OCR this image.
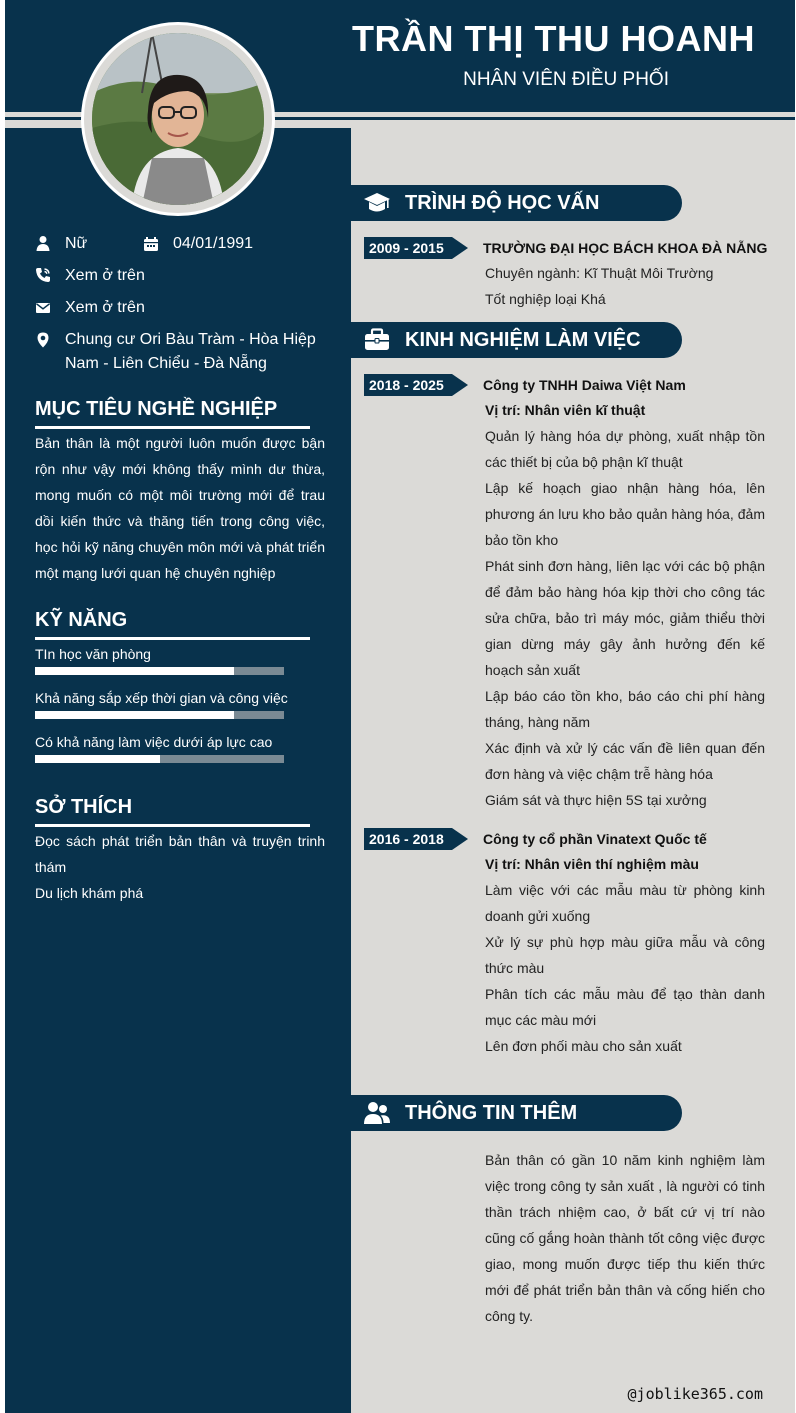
TRẦN THỊ THU HOANH
NHÂN VIÊN ĐIỀU PHỐI
Nữ	04/01/1991
Xem ở trên
Xem ở trên
Chung cư Ori Bàu Tràm - Hòa Hiệp
Nam - Liên Chiểu - Đà Nẵng
MỤC TIÊU NGHỀ NGHIỆP
Bản thân là một người luôn muốn được bận rộn như vậy mới không thấy mình dư thừa, mong muốn có một môi trường mới để trau dồi kiến thức và thăng tiến trong công việc, học hỏi kỹ năng chuyên môn mới và phát triển một mạng lưới quan hệ chuyên nghiệp
KỸ NĂNG
TIn học văn phòng
Khả năng sắp xếp thời gian và công việc
Có khả năng làm việc dưới áp lực cao
SỞ THÍCH
Đọc sách phát triển bản thân và truyện trinh thám
Du lịch khám phá
TRÌNH ĐỘ HỌC VẤN
2009 - 2015	TRƯỜNG ĐẠI HỌC BÁCH KHOA ĐÀ NẴNG
Chuyên ngành: Kĩ Thuật Môi Trường
Tốt nghiệp loại Khá
KINH NGHIỆM LÀM VIỆC
2018 - 2025	Công ty TNHH Daiwa Việt Nam
Vị trí: Nhân viên kĩ thuật
Quản lý hàng hóa dự phòng, xuất nhập tồn các thiết bị của bộ phận kĩ thuật
Lập kế hoạch giao nhận hàng hóa, lên phương án lưu kho bảo quản hàng hóa, đảm bảo tồn kho
Phát sinh đơn hàng, liên lạc với các bộ phận để đảm bảo hàng hóa kịp thời cho công tác sửa chữa, bảo trì máy móc, giảm thiểu thời gian dừng máy gây ảnh hưởng đến kế hoạch sản xuất
Lập báo cáo tồn kho, báo cáo chi phí hàng tháng, hàng năm
Xác định và xử lý các vấn đề liên quan đến đơn hàng và việc chậm trễ hàng hóa
Giám sát và thực hiện 5S tại xưởng
2016 - 2018	Công ty cổ phần Vinatext Quốc tế
Vị trí: Nhân viên thí nghiệm màu
Làm việc với các mẫu màu từ phòng kinh doanh gửi xuống
Xử lý sự phù hợp màu giữa mẫu và công thức màu
Phân tích các mẫu màu để tạo thàn danh mục các màu mới
Lên đơn phối màu cho sản xuất
THÔNG TIN THÊM
Bản thân có gần 10 năm kinh nghiệm làm việc trong công ty sản xuất , là người có tinh thần trách nhiệm cao, ở bất cứ vị trí nào cũng cố gắng hoàn thành tốt công việc được giao, mong muốn được tiếp thu kiến thức mới để phát triển bản thân và cống hiến cho công ty.
@joblike365.com
